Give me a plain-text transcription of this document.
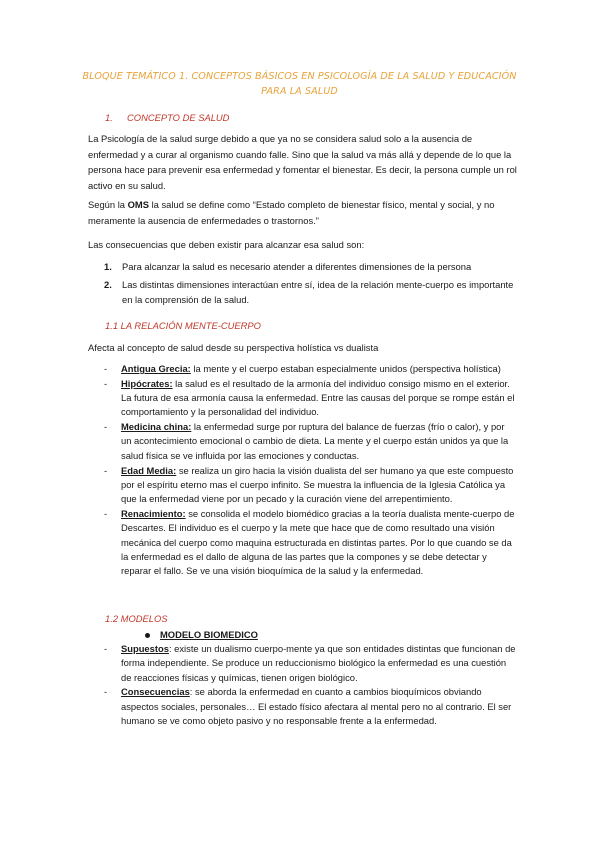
BLOQUE TEMÁTICO 1. CONCEPTOS BÁSICOS EN PSICOLOGÍA DE LA SALUD Y EDUCACIÓN PARA LA SALUD
1. CONCEPTO DE SALUD
La Psicología de la salud surge debido a que ya no se considera salud solo a la ausencia de enfermedad y a curar al organismo cuando falle. Sino que la salud va más allá y depende de lo que la persona hace para prevenir esa enfermedad y fomentar el bienestar. Es decir, la persona cumple un rol activo en su salud.
Según la OMS la salud se define como “Estado completo de bienestar físico, mental y social, y no meramente la ausencia de enfermedades o trastornos.”
Las consecuencias que deben existir para alcanzar esa salud son:
1. Para alcanzar la salud es necesario atender a diferentes dimensiones de la persona
2. Las distintas dimensiones interactúan entre sí, idea de la relación mente-cuerpo es importante en la comprensión de la salud.
1.1 LA RELACIÓN MENTE-CUERPO
Afecta al concepto de salud desde su perspectiva holística vs dualista
- Antigua Grecia: la mente y el cuerpo estaban especialmente unidos (perspectiva holística)
- Hipócrates: la salud es el resultado de la armonía del individuo consigo mismo en el exterior. La futura de esa armonía causa la enfermedad. Entre las causas del porque se rompe están el comportamiento y la personalidad del individuo.
- Medicina china: la enfermedad surge por ruptura del balance de fuerzas (frío o calor), y por un acontecimiento emocional o cambio de dieta. La mente y el cuerpo están unidos ya que la salud física se ve influida por las emociones y conductas.
- Edad Media: se realiza un giro hacia la visión dualista del ser humano ya que este compuesto por el espíritu eterno mas el cuerpo infinito. Se muestra la influencia de la Iglesia Católica ya que la enfermedad viene por un pecado y la curación viene del arrepentimiento.
- Renacimiento: se consolida el modelo biomédico gracias a la teoría dualista mente-cuerpo de Descartes. El individuo es el cuerpo y la mete que hace que de como resultado una visión mecánica del cuerpo como maquina estructurada en distintas partes. Por lo que cuando se da la enfermedad es el dallo de alguna de las partes que la compones y se debe detectar y reparar el fallo. Se ve una visión bioquímica de la salud y la enfermedad.
1.2 MODELOS
MODELO BIOMEDICO
- Supuestos: existe un dualismo cuerpo-mente ya que son entidades distintas que funcionan de forma independiente. Se produce un reduccionismo biológico la enfermedad es una cuestión de reacciones físicas y químicas, tienen origen biológico.
- Consecuencias: se aborda la enfermedad en cuanto a cambios bioquímicos obviando aspectos sociales, personales… El estado físico afectara al mental pero no al contrario. El ser humano se ve como objeto pasivo y no responsable frente a la enfermedad.
